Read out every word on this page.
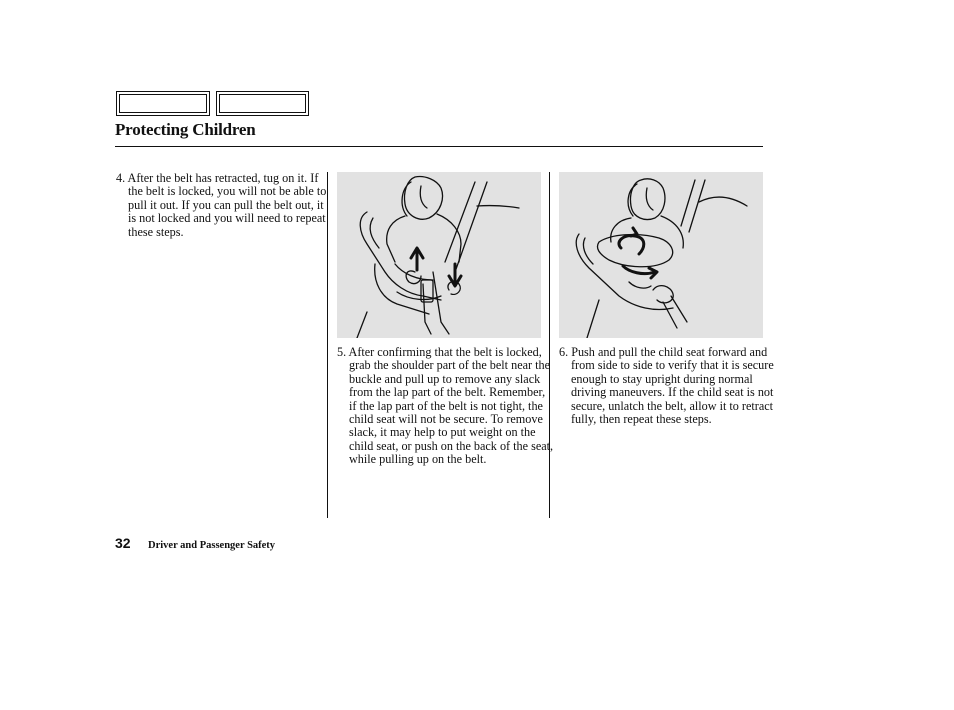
Protecting Children

4. After the belt has retracted, tug on it. If the belt is locked, you will not be able to pull it out. If you can pull the belt out, it is not locked and you will need to repeat these steps.

5. After confirming that the belt is locked, grab the shoulder part of the belt near the buckle and pull up to remove any slack from the lap part of the belt. Remember, if the lap part of the belt is not tight, the child seat will not be secure. To remove slack, it may help to put weight on the child seat, or push on the back of the seat, while pulling up on the belt.

6. Push and pull the child seat forward and from side to side to verify that it is secure enough to stay upright during normal driving maneuvers. If the child seat is not secure, unlatch the belt, allow it to retract fully, then repeat these steps.

32 Driver and Passenger Safety
